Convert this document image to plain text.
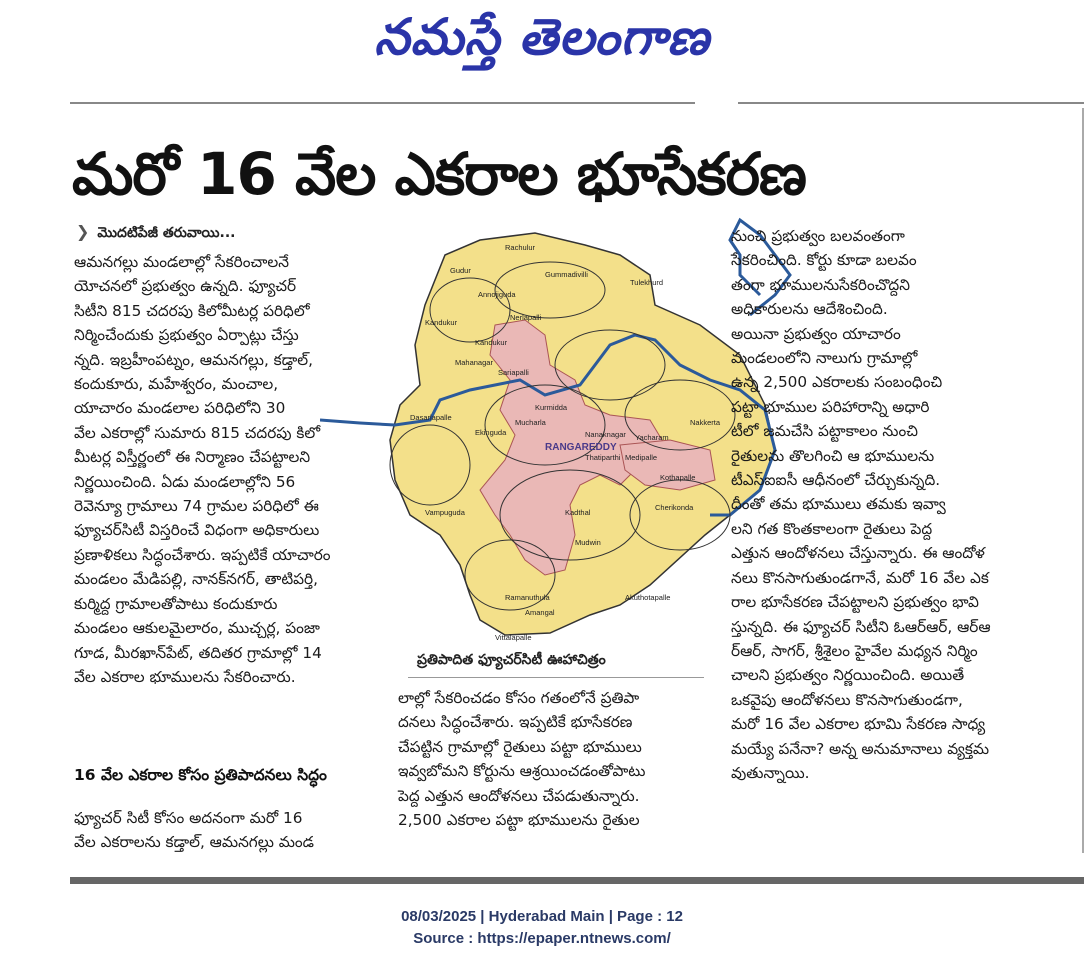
నమస్తే తెలంగాణ
మరో 16 వేల ఎకరాల భూసేకరణ
❯ మొదటిపేజీ తరువాయి...

ఆమనగల్లు మండలాల్లో సేకరించాలనే

యోచనలో ప్రభుత్వం ఉన్నది. ఫ్యూచర్

సిటీని 815 చదరపు కిలోమీటర్ల పరిధిలో

నిర్మించేందుకు ప్రభుత్వం ఏర్పాట్లు చేస్తు

న్నది. ఇబ్రహీంపట్నం, ఆమనగల్లు, కడ్తాల్,

కందుకూరు, మహేశ్వరం, మంచాల,

యాచారం మండలాల పరిధిలోని 30

వేల ఎకరాల్లో సుమారు 815 చదరపు కిలో

మీటర్ల విస్తీర్ణంలో ఈ నిర్మాణం చేపట్టాలని

నిర్ణయించింది. ఏడు మండలాల్లోని 56

రెవెన్యూ గ్రామాలు 74 గ్రామల పరిధిలో ఈ

ఫ్యూచర్‌సిటీ విస్తరించే విధంగా అధికారులు

ప్రణాళికలు సిద్ధంచేశారు. ఇప్పటికే యాచారం

మండలం మేడిపల్లి, నానక్‌నగర్, తాటిపర్తి,

కుర్మిద్ద గ్రామాలతోపాటు కందుకూరు

మండలం ఆకులమైలారం, ముచ్చర్ల, పంజా

గూడ, మీరఖాన్‌పేట్, తదితర గ్రామాల్లో 14

వేల ఎకరాల భూములను సేకరించారు.

16 వేల ఎకరాల కోసం ప్రతిపాదనలు సిద్ధం

ఫ్యూచర్ సిటీ కోసం అదనంగా మరో 16

వేల ఎకరాలను కడ్తాల్, ఆమనగల్లు మండ

Rachulur
Gudur	Gummadivilli
Tulekhurd
Annojiguda
Kandukur
Nerlapalli
Kandukur
Mahanagar
Sariapalli
Dasarlapalle
Kurmidda
Yacharam
Nakkerta
Medipalle
Thatiparthi
Nanaknagar
Mucharla
Ekinguda
Kadthal
Mudwin
Cherikonda
Amangal
Vampuguda
Akuthotapalle
Kothapalle
Vittalapalle
Ramanuthula
RANGAREDDY
ప్రతిపాదిత ఫ్యూచర్‌సిటీ ఊహాచిత్రం

లాల్లో సేకరించడం కోసం గతంలోనే ప్రతిపా

దనలు సిద్ధంచేశారు. ఇప్పటికే భూసేకరణ

చేపట్టిన గ్రామాల్లో రైతులు పట్టా భూములు

ఇవ్వబోమని కోర్టును ఆశ్రయించడంతోపాటు

పెద్ద ఎత్తున ఆందోళనలు చేపడుతున్నారు.

2,500 ఎకరాల పట్టా భూములను రైతుల

నుంచి ప్రభుత్వం బలవంతంగా

సేకరించింది. కోర్టు కూడా బలవం

తంగా భూములనుసేకరించొద్దని

అధికారులను ఆదేశించింది.

అయినా ప్రభుత్వం యాచారం

మండలంలోని నాలుగు గ్రామాల్లో

ఉన్న 2,500 ఎకరాలకు సంబంధించి

పట్టా భూముల పరిహారాన్ని అధారి

టీలో జమచేసి పట్టాకాలం నుంచి

రైతులను తొలగించి ఆ భూములను

టీఎస్ఐఐసీ ఆధీనంలో చేర్చుకున్నది.

దీంతో తమ భూములు తమకు ఇవ్వా

లని గత కొంతకాలంగా రైతులు పెద్ద

ఎత్తున ఆందోళనలు చేస్తున్నారు. ఈ ఆందోళ

నలు కొనసాగుతుండగానే, మరో 16 వేల ఎక

రాల భూసేకరణ చేపట్టాలని ప్రభుత్వం భావి

స్తున్నది. ఈ ఫ్యూచర్ సిటీని ఓఆర్ఆర్, ఆర్‌ఆ

ర్ఆర్, సాగర్, శ్రీశైలం హైవేల మధ్యన నిర్మిం

చాలని ప్రభుత్వం నిర్ణయించింది. అయితే

ఒకవైపు ఆందోళనలు కొనసాగుతుండగా,

మరో 16 వేల ఎకరాల భూమి సేకరణ సాధ్య

మయ్యే పనేనా? అన్న అనుమానాలు వ్యక్తమ

వుతున్నాయి.

08/03/2025 | Hyderabad Main | Page : 12
Source : https://epaper.ntnews.com/
